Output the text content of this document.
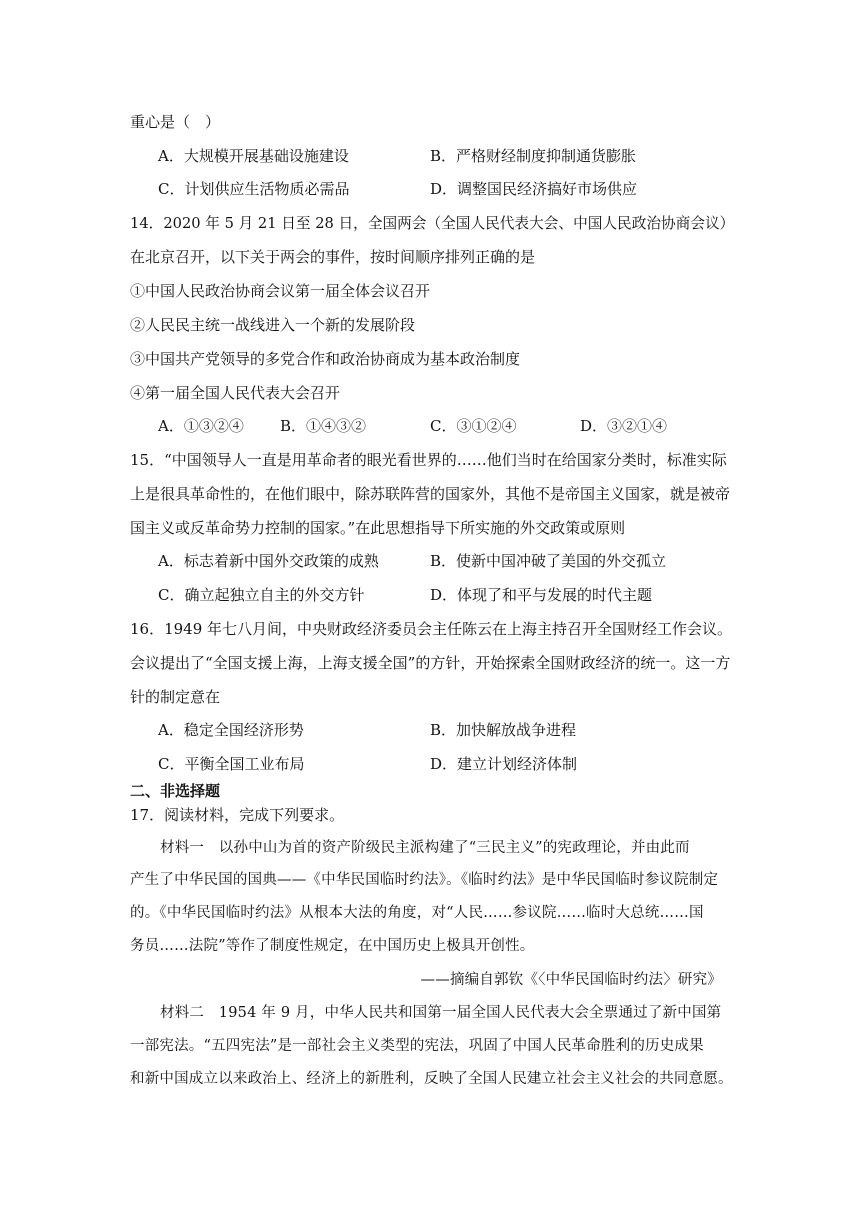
重心是（　）
A．大规模开展基础设施建设	B．严格财经制度抑制通货膨胀
C．计划供应生活物质必需品	D．调整国民经济搞好市场供应
14．2020 年 5 月 21 日至 28 日，全国两会（全国人民代表大会、中国人民政治协商会议）
在北京召开，以下关于两会的事件，按时间顺序排列正确的是
①中国人民政治协商会议第一届全体会议召开
②人民民主统一战线进入一个新的发展阶段
③中国共产党领导的多党合作和政治协商成为基本政治制度
④第一届全国人民代表大会召开
A．①③②④ B．①④③②	C．③①②④	D．③②①④
15．“中国领导人一直是用革命者的眼光看世界的……他们当时在给国家分类时，标准实际
上是很具革命性的，在他们眼中，除苏联阵营的国家外，其他不是帝国主义国家，就是被帝
国主义或反革命势力控制的国家。”在此思想指导下所实施的外交政策或原则
A．标志着新中国外交政策的成熟	B．使新中国冲破了美国的外交孤立
C．确立起独立自主的外交方针	D．体现了和平与发展的时代主题
16．1949 年七八月间，中央财政经济委员会主任陈云在上海主持召开全国财经工作会议。
会议提出了“全国支援上海，上海支援全国”的方针，开始探索全国财政经济的统一。这一方
针的制定意在
A．稳定全国经济形势	B．加快解放战争进程
C．平衡全国工业布局	D．建立计划经济体制
二、非选择题
17．阅读材料，完成下列要求。
材料一　以孙中山为首的资产阶级民主派构建了“三民主义”的宪政理论，并由此而
产生了中华民国的国典——《中华民国临时约法》。《临时约法》是中华民国临时参议院制定
的。《中华民国临时约法》从根本大法的角度，对“人民……参议院……临时大总统……国
务员……法院”等作了制度性规定，在中国历史上极具开创性。
——摘编自郭钦《〈中华民国临时约法〉研究》
材料二　1954 年 9 月，中华人民共和国第一届全国人民代表大会全票通过了新中国第
一部宪法。“五四宪法”是一部社会主义类型的宪法，巩固了中国人民革命胜利的历史成果
和新中国成立以来政治上、经济上的新胜利，反映了全国人民建立社会主义社会的共同意愿。
